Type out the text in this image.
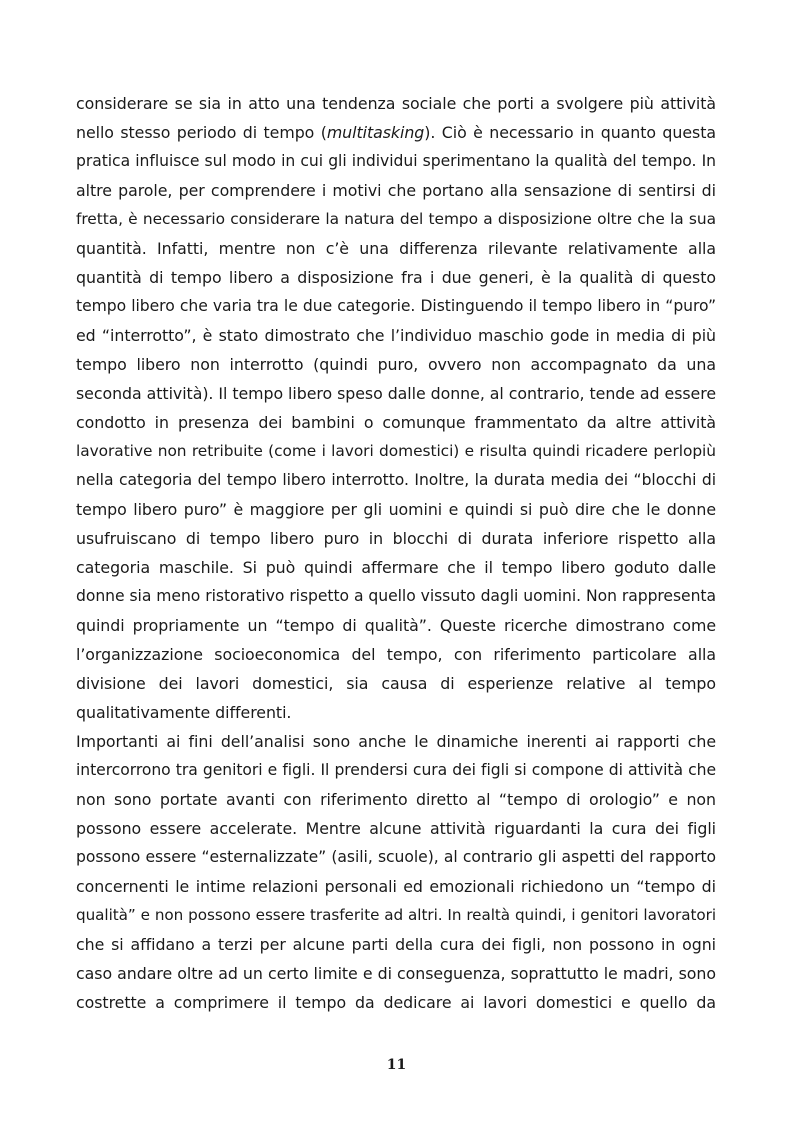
considerare se sia in atto una tendenza sociale che porti a svolgere più attività
nello stesso periodo di tempo (multitasking). Ciò è necessario in quanto questa
pratica influisce sul modo in cui gli individui sperimentano la qualità del tempo. In
altre parole, per comprendere i motivi che portano alla sensazione di sentirsi di
fretta, è necessario considerare la natura del tempo a disposizione oltre che la sua
quantità. Infatti, mentre non c’è una differenza rilevante relativamente alla
quantità di tempo libero a disposizione fra i due generi, è la qualità di questo
tempo libero che varia tra le due categorie. Distinguendo il tempo libero in “puro”
ed “interrotto”, è stato dimostrato che l’individuo maschio gode in media di più
tempo libero non interrotto (quindi puro, ovvero non accompagnato da una
seconda attività). Il tempo libero speso dalle donne, al contrario, tende ad essere
condotto in presenza dei bambini o comunque frammentato da altre attività
lavorative non retribuite (come i lavori domestici) e risulta quindi ricadere perlopiù
nella categoria del tempo libero interrotto. Inoltre, la durata media dei “blocchi di
tempo libero puro” è maggiore per gli uomini e quindi si può dire che le donne
usufruiscano di tempo libero puro in blocchi di durata inferiore rispetto alla
categoria maschile. Si può quindi affermare che il tempo libero goduto dalle
donne sia meno ristorativo rispetto a quello vissuto dagli uomini. Non rappresenta
quindi propriamente un “tempo di qualità”. Queste ricerche dimostrano come
l’organizzazione socioeconomica del tempo, con riferimento particolare alla
divisione dei lavori domestici, sia causa di esperienze relative al tempo
qualitativamente differenti.
Importanti ai fini dell’analisi sono anche le dinamiche inerenti ai rapporti che
intercorrono tra genitori e figli. Il prendersi cura dei figli si compone di attività che
non sono portate avanti con riferimento diretto al “tempo di orologio” e non
possono essere accelerate. Mentre alcune attività riguardanti la cura dei figli
possono essere “esternalizzate” (asili, scuole), al contrario gli aspetti del rapporto
concernenti le intime relazioni personali ed emozionali richiedono un “tempo di
qualità” e non possono essere trasferite ad altri. In realtà quindi, i genitori lavoratori
che si affidano a terzi per alcune parti della cura dei figli, non possono in ogni
caso andare oltre ad un certo limite e di conseguenza, soprattutto le madri, sono
costrette a comprimere il tempo da dedicare ai lavori domestici e quello da
11
